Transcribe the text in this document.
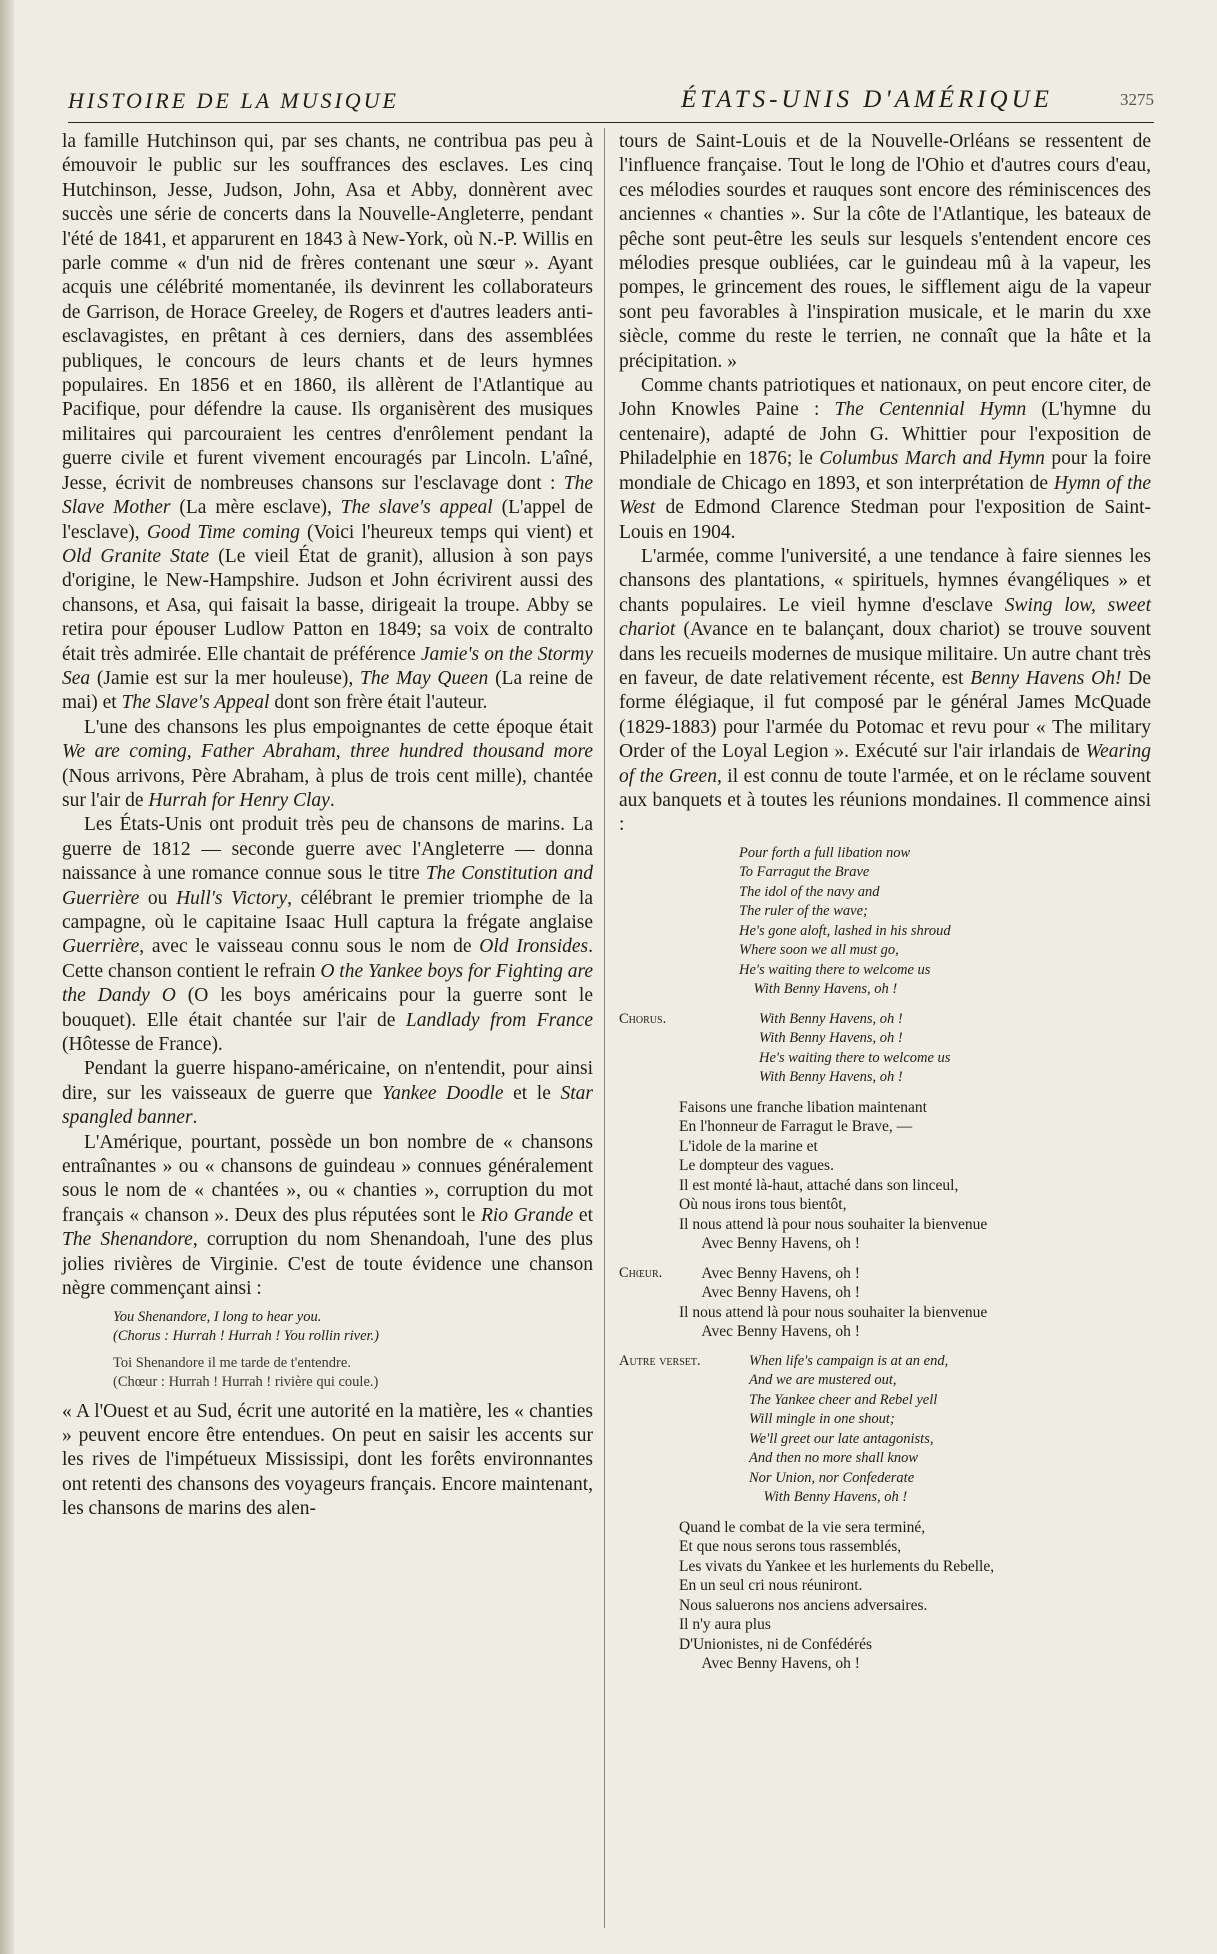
HISTOIRE DE LA MUSIQUE	ÉTATS-UNIS D'AMÉRIQUE	3275

la famille Hutchinson qui, par ses chants, ne contribua pas peu à émouvoir le public sur les souffrances des esclaves. Les cinq Hutchinson, Jesse, Judson, John, Asa et Abby, donnèrent avec succès une série de concerts dans la Nouvelle-Angleterre, pendant l'été de 1841, et apparurent en 1843 à New-York, où N.-P. Willis en parle comme « d'un nid de frères contenant une sœur ». Ayant acquis une célébrité momentanée, ils devinrent les collaborateurs de Garrison, de Horace Greeley, de Rogers et d'autres leaders anti-esclavagistes, en prêtant à ces derniers, dans des assemblées publiques, le concours de leurs chants et de leurs hymnes populaires. En 1856 et en 1860, ils allèrent de l'Atlantique au Pacifique, pour défendre la cause. Ils organisèrent des musiques militaires qui parcouraient les centres d'enrôlement pendant la guerre civile et furent vivement encouragés par Lincoln. L'aîné, Jesse, écrivit de nombreuses chansons sur l'esclavage dont : The Slave Mother (La mère esclave), The slave's appeal (L'appel de l'esclave), Good Time coming (Voici l'heureux temps qui vient) et Old Granite State (Le vieil État de granit), allusion à son pays d'origine, le New-Hampshire. Judson et John écrivirent aussi des chansons, et Asa, qui faisait la basse, dirigeait la troupe. Abby se retira pour épouser Ludlow Patton en 1849; sa voix de contralto était très admirée. Elle chantait de préférence Jamie's on the Stormy Sea (Jamie est sur la mer houleuse), The May Queen (La reine de mai) et The Slave's Appeal dont son frère était l'auteur.

L'une des chansons les plus empoignantes de cette époque était We are coming, Father Abraham, three hundred thousand more (Nous arrivons, Père Abraham, à plus de trois cent mille), chantée sur l'air de Hurrah for Henry Clay.

Les États-Unis ont produit très peu de chansons de marins. La guerre de 1812 — seconde guerre avec l'Angleterre — donna naissance à une romance connue sous le titre The Constitution and Guerrière ou Hull's Victory, célébrant le premier triomphe de la campagne, où le capitaine Isaac Hull captura la frégate anglaise Guerrière, avec le vaisseau connu sous le nom de Old Ironsides. Cette chanson contient le refrain O the Yankee boys for Fighting are the Dandy O (O les boys américains pour la guerre sont le bouquet). Elle était chantée sur l'air de Landlady from France (Hôtesse de France).

Pendant la guerre hispano-américaine, on n'entendit, pour ainsi dire, sur les vaisseaux de guerre que Yankee Doodle et le Star spangled banner.

L'Amérique, pourtant, possède un bon nombre de « chansons entraînantes » ou « chansons de guindeau » connues généralement sous le nom de « chantées », ou « chanties », corruption du mot français « chanson ». Deux des plus réputées sont le Rio Grande et The Shenandore, corruption du nom Shenandoah, l'une des plus jolies rivières de Virginie. C'est de toute évidence une chanson nègre commençant ainsi :

You Shenandore, I long to hear you.
(Chorus : Hurrah ! Hurrah ! You rollin river.)
Toi Shenandore il me tarde de t'entendre.
(Chœur : Hurrah ! Hurrah ! rivière qui coule.)

« A l'Ouest et au Sud, écrit une autorité en la matière, les « chanties » peuvent encore être entendues. On peut en saisir les accents sur les rives de l'impétueux Mississipi, dont les forêts environnantes ont retenti des chansons des voyageurs français. Encore maintenant, les chansons de marins des alen-

tours de Saint-Louis et de la Nouvelle-Orléans se ressentent de l'influence française. Tout le long de l'Ohio et d'autres cours d'eau, ces mélodies sourdes et rauques sont encore des réminiscences des anciennes « chanties ». Sur la côte de l'Atlantique, les bateaux de pêche sont peut-être les seuls sur lesquels s'entendent encore ces mélodies presque oubliées, car le guindeau mû à la vapeur, les pompes, le grincement des roues, le sifflement aigu de la vapeur sont peu favorables à l'inspiration musicale, et le marin du xxe siècle, comme du reste le terrien, ne connaît que la hâte et la précipitation. »

Comme chants patriotiques et nationaux, on peut encore citer, de John Knowles Paine : The Centennial Hymn (L'hymne du centenaire), adapté de John G. Whittier pour l'exposition de Philadelphie en 1876; le Columbus March and Hymn pour la foire mondiale de Chicago en 1893, et son interprétation de Hymn of the West de Edmond Clarence Stedman pour l'exposition de Saint-Louis en 1904.

L'armée, comme l'université, a une tendance à faire siennes les chansons des plantations, « spirituels, hymnes évangéliques » et chants populaires. Le vieil hymne d'esclave Swing low, sweet chariot (Avance en te balançant, doux chariot) se trouve souvent dans les recueils modernes de musique militaire. Un autre chant très en faveur, de date relativement récente, est Benny Havens Oh! De forme élégiaque, il fut composé par le général James McQuade (1829-1883) pour l'armée du Potomac et revu pour « The military Order of the Loyal Legion ». Exécuté sur l'air irlandais de Wearing of the Green, il est connu de toute l'armée, et on le réclame souvent aux banquets et à toutes les réunions mondaines. Il commence ainsi :

Pour forth a full libation now
To Farragut the Brave
The idol of the navy and
The ruler of the wave;
He's gone aloft, lashed in his shroud
Where soon we all must go,
He's waiting there to welcome us
With Benny Havens, oh !
Chorus.	With Benny Havens, oh !
With Benny Havens, oh !
He's waiting there to welcome us
With Benny Havens, oh !
Faisons une franche libation maintenant
En l'honneur de Farragut le Brave, —
L'idole de la marine et
Le dompteur des vagues.
Il est monté là-haut, attaché dans son linceul,
Où nous irons tous bientôt,
Il nous attend là pour nous souhaiter la bienvenue
Avec Benny Havens, oh !
Chœur.	Avec Benny Havens, oh !
Avec Benny Havens, oh !
Il nous attend là pour nous souhaiter la bienvenue
Avec Benny Havens, oh !
Autre verset.	When life's campaign is at an end,
And we are mustered out,
The Yankee cheer and Rebel yell
Will mingle in one shout;
We'll greet our late antagonists,
And then no more shall know
Nor Union, nor Confederate
With Benny Havens, oh !
Quand le combat de la vie sera terminé,
Et que nous serons tous rassemblés,
Les vivats du Yankee et les hurlements du Rebelle,
En un seul cri nous réuniront.
Nous saluerons nos anciens adversaires.
Il n'y aura plus
D'Unionistes, ni de Confédérés
Avec Benny Havens, oh !
